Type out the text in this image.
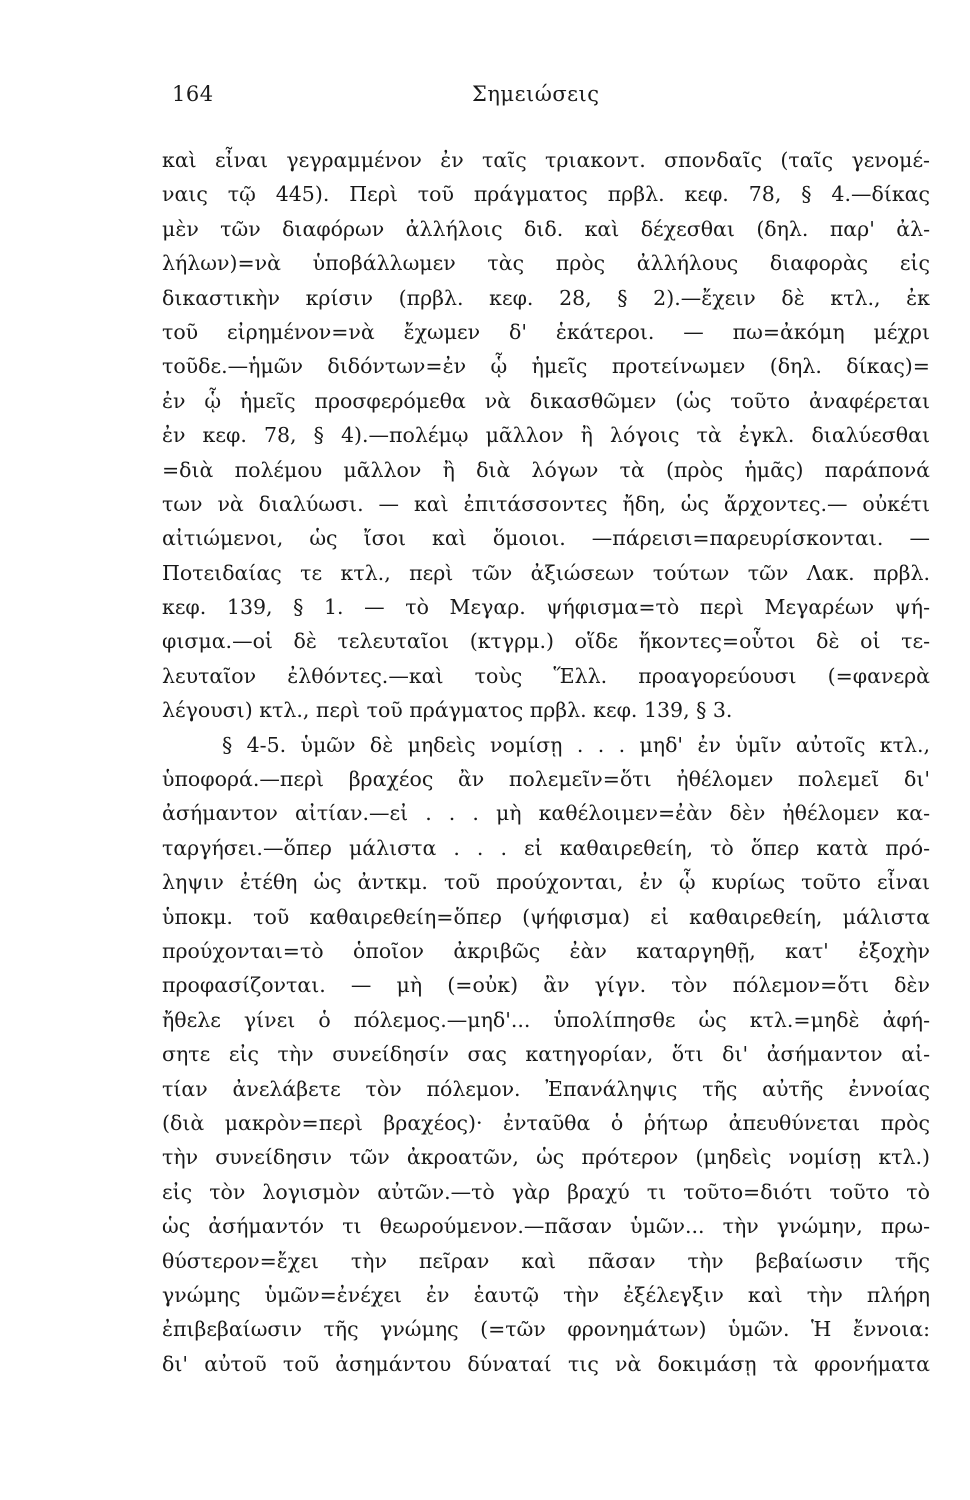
164	Σημειώσεις
καὶ εἶναι γεγραμμένον ἐν ταῖς τριακοντ. σπονδαῖς (ταῖς γενομέ-
ναις τῷ 445). Περὶ τοῦ πράγματος πρβλ. κεφ. 78, § 4.—δίκας
μὲν τῶν διαφόρων ἀλλήλοις διδ. καὶ δέχεσθαι (δηλ. παρ' ἀλ-
λήλων)=νὰ ὑποβάλλωμεν τὰς πρὸς ἀλλήλους διαφορὰς εἰς
δικαστικὴν κρίσιν (πρβλ. κεφ. 28, § 2).—ἔχειν δὲ κτλ., ἐκ
τοῦ εἰρημένον=νὰ ἔχωμεν δ' ἑκάτεροι. — πω=ἀκόμη μέχρι
τοῦδε.—ἡμῶν διδόντων=ἐν ᾧ ἡμεῖς προτείνωμεν (δηλ. δίκας)=
ἐν ᾧ ἡμεῖς προσφερόμεθα νὰ δικασθῶμεν (ὡς τοῦτο ἀναφέρεται
ἐν κεφ. 78, § 4).—πολέμῳ μᾶλλον ἢ λόγοις τὰ ἐγκλ. διαλύεσθαι
=διὰ πολέμου μᾶλλον ἢ διὰ λόγων τὰ (πρὸς ἡμᾶς) παράπονά
των νὰ διαλύωσι. — καὶ ἐπιτάσσοντες ἤδη, ὡς ἄρχοντες.— οὐκέτι
αἰτιώμενοι, ὡς ἴσοι καὶ ὅμοιοι. —πάρεισι=παρευρίσκονται. —
Ποτειδαίας τε κτλ., περὶ τῶν ἀξιώσεων τούτων τῶν Λακ. πρβλ.
κεφ. 139, § 1. — τὸ Μεγαρ. ψήφισμα=τὸ περὶ Μεγαρέων ψή-
φισμα.—οἱ δὲ τελευταῖοι (κτγρμ.) οἵδε ἥκοντες=οὗτοι δὲ οἱ τε-
λευταῖον ἐλθόντες.—καὶ τοὺς Ἕλλ. προαγορεύουσι (=φανερὰ
λέγουσι) κτλ., περὶ τοῦ πράγματος πρβλ. κεφ. 139, § 3.
§ 4-5. ὑμῶν δὲ μηδεὶς νομίσῃ . . . μηδ' ἐν ὑμῖν αὐτοῖς κτλ.,
ὑποφορά.—περὶ βραχέος ἂν πολεμεῖν=ὅτι ἠθέλομεν πολεμεῖ δι'
ἀσήμαντον αἰτίαν.—εἰ . . . μὴ καθέλοιμεν=ἐὰν δὲν ἠθέλομεν κα-
ταργήσει.—ὅπερ μάλιστα . . . εἰ καθαιρεθείη, τὸ ὅπερ κατὰ πρό-
ληψιν ἐτέθη ὡς ἀντκμ. τοῦ προύχονται, ἐν ᾧ κυρίως τοῦτο εἶναι
ὑποκμ. τοῦ καθαιρεθείη=ὅπερ (ψήφισμα) εἰ καθαιρεθείη, μάλιστα
προύχονται=τὸ ὁποῖον ἀκριβῶς ἐὰν καταργηθῇ, κατ' ἐξοχὴν
προφασίζονται. — μὴ (=οὐκ) ἂν γίγν. τὸν πόλεμον=ὅτι δὲν
ἤθελε γίνει ὁ πόλεμος.—μηδ'... ὑπολίπησθε ὡς κτλ.=μηδὲ ἀφή-
σητε εἰς τὴν συνείδησίν σας κατηγορίαν, ὅτι δι' ἀσήμαντον αἰ-
τίαν ἀνελάβετε τὸν πόλεμον. Ἐπανάληψις τῆς αὐτῆς ἐννοίας
(διὰ μακρὸν=περὶ βραχέος)· ἐνταῦθα ὁ ῥήτωρ ἀπευθύνεται πρὸς
τὴν συνείδησιν τῶν ἀκροατῶν, ὡς πρότερον (μηδεὶς νομίσῃ κτλ.)
εἰς τὸν λογισμὸν αὐτῶν.—τὸ γὰρ βραχύ τι τοῦτο=διότι τοῦτο τὸ
ὡς ἀσήμαντόν τι θεωρούμενον.—πᾶσαν ὑμῶν... τὴν γνώμην, πρω-
θύστερον=ἔχει τὴν πεῖραν καὶ πᾶσαν τὴν βεβαίωσιν τῆς
γνώμης ὑμῶν=ἐνέχει ἐν ἑαυτῷ τὴν ἐξέλεγξιν καὶ τὴν πλήρη
ἐπιβεβαίωσιν τῆς γνώμης (=τῶν φρονημάτων) ὑμῶν. Ἡ ἔννοια:
δι' αὐτοῦ τοῦ ἀσημάντου δύναταί τις νὰ δοκιμάσῃ τὰ φρονήματα
